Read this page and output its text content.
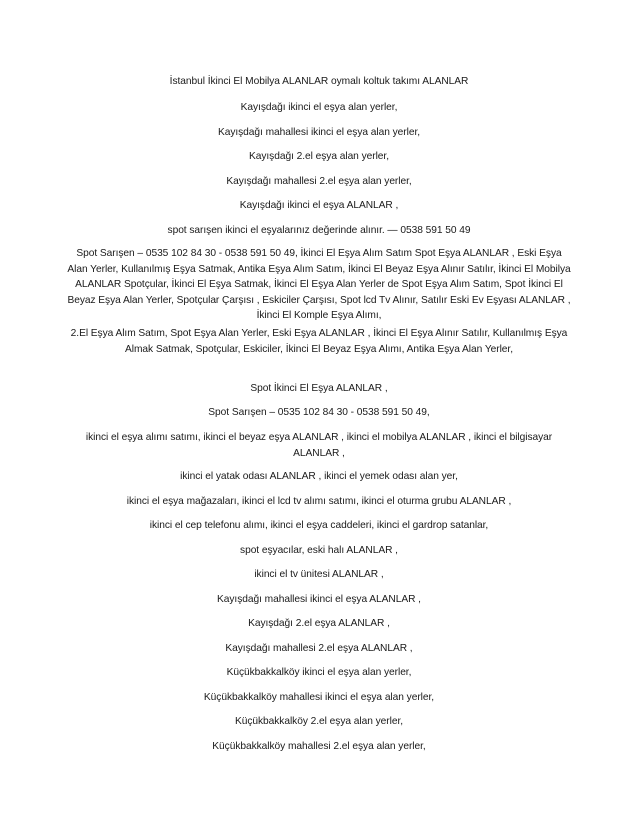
İstanbul İkinci El Mobilya ALANLAR oymalı koltuk takımı ALANLAR

Kayışdağı ikinci el eşya alan yerler,

Kayışdağı mahallesi ikinci el eşya alan yerler,

Kayışdağı 2.el eşya alan yerler,

Kayışdağı mahallesi 2.el eşya alan yerler,

Kayışdağı ikinci el eşya ALANLAR ,

spot sarışen ikinci el eşyalarınız değerinde alınır. — 0538 591 50 49

Spot Sarışen – 0535 102 84 30 - 0538 591 50 49, İkinci El Eşya Alım Satım Spot Eşya ALANLAR , Eski Eşya Alan Yerler, Kullanılmış Eşya Satmak, Antika Eşya Alım Satım, İkinci El Beyaz Eşya Alınır Satılır, İkinci El Mobilya ALANLAR Spotçular, İkinci El Eşya Satmak, İkinci El Eşya Alan Yerler de Spot Eşya Alım Satım, Spot İkinci El Beyaz Eşya Alan Yerler, Spotçular Çarşısı , Eskiciler Çarşısı, Spot lcd Tv Alınır, Satılır Eski Ev Eşyası ALANLAR , İkinci El Komple Eşya Alımı,

2.El Eşya Alım Satım, Spot Eşya Alan Yerler, Eski Eşya ALANLAR , İkinci El Eşya Alınır Satılır, Kullanılmış Eşya Almak Satmak, Spotçular, Eskiciler, İkinci El Beyaz Eşya Alımı, Antika Eşya Alan Yerler,

Spot İkinci El Eşya ALANLAR ,

Spot Sarışen – 0535 102 84 30 - 0538 591 50 49,

ikinci el eşya alımı satımı, ikinci el beyaz eşya ALANLAR , ikinci el mobilya ALANLAR , ikinci el bilgisayar ALANLAR ,

ikinci el yatak odası ALANLAR , ikinci el yemek odası alan yer,

ikinci el eşya mağazaları, ikinci el lcd tv alımı satımı, ikinci el oturma grubu ALANLAR ,

ikinci el cep telefonu alımı, ikinci el eşya caddeleri, ikinci el gardrop satanlar,

spot eşyacılar, eski halı ALANLAR ,

ikinci el tv ünitesi ALANLAR ,

Kayışdağı mahallesi ikinci el eşya ALANLAR ,

Kayışdağı 2.el eşya ALANLAR ,

Kayışdağı mahallesi 2.el eşya ALANLAR ,

Küçükbakkalköy ikinci el eşya alan yerler,

Küçükbakkalköy mahallesi ikinci el eşya alan yerler,

Küçükbakkalköy 2.el eşya alan yerler,

Küçükbakkalköy mahallesi 2.el eşya alan yerler,
